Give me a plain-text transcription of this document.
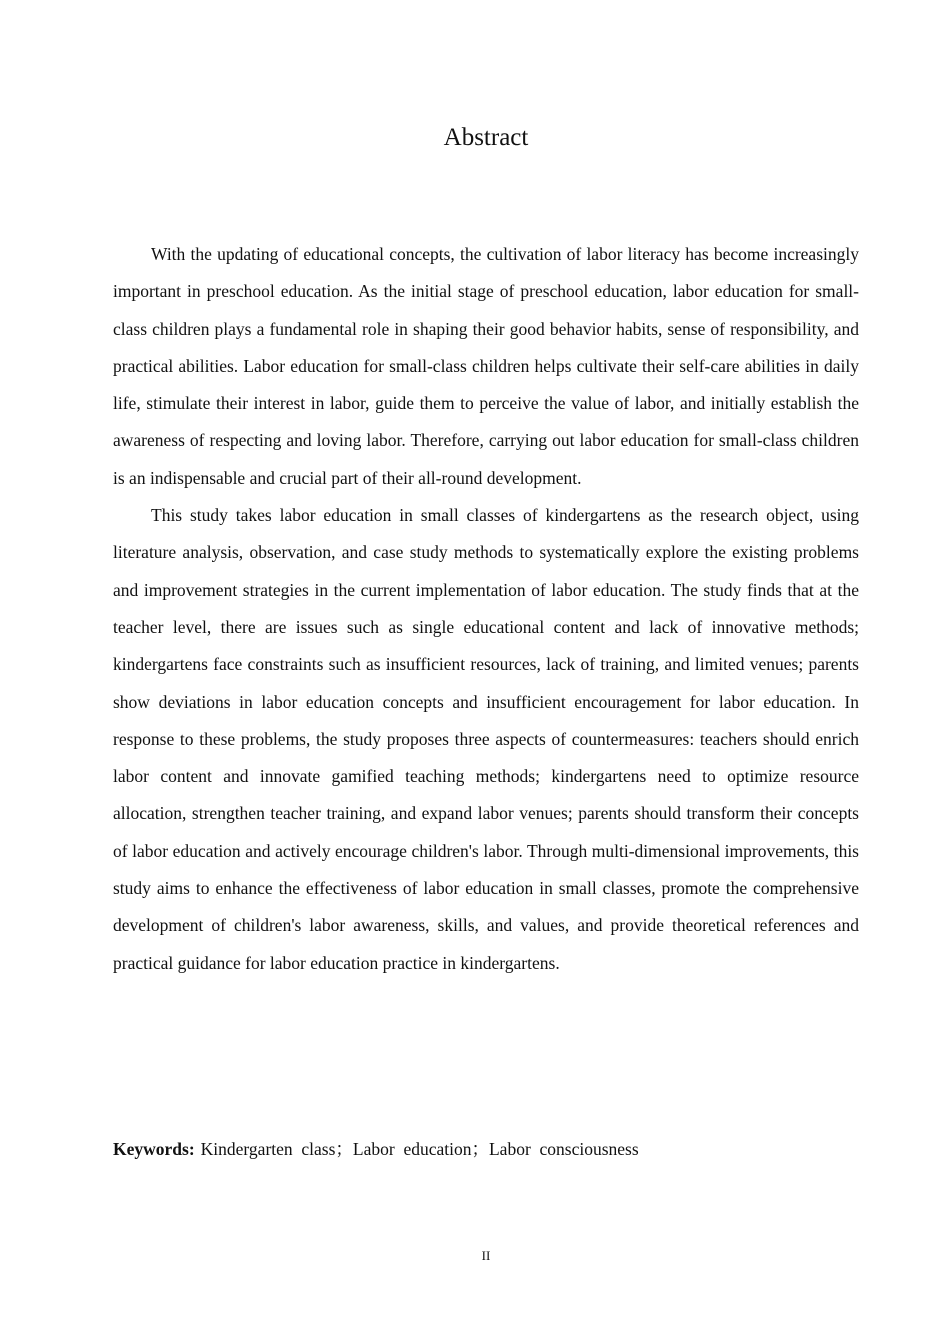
Abstract

With the updating of educational concepts, the cultivation of labor literacy has become increasingly important in preschool education. As the initial stage of preschool education, labor education for small-class children plays a fundamental role in shaping their good behavior habits, sense of responsibility, and practical abilities. Labor education for small-class children helps cultivate their self-care abilities in daily life, stimulate their interest in labor, guide them to perceive the value of labor, and initially establish the awareness of respecting and loving labor. Therefore, carrying out labor education for small-class children is an indispensable and crucial part of their all-round development.

This study takes labor education in small classes of kindergartens as the research object, using literature analysis, observation, and case study methods to systematically explore the existing problems and improvement strategies in the current implementation of labor education. The study finds that at the teacher level, there are issues such as single educational content and lack of innovative methods; kindergartens face constraints such as insufficient resources, lack of training, and limited venues; parents show deviations in labor education concepts and insufficient encouragement for labor education. In response to these problems, the study proposes three aspects of countermeasures: teachers should enrich labor content and innovate gamified teaching methods; kindergartens need to optimize resource allocation, strengthen teacher training, and expand labor venues; parents should transform their concepts of labor education and actively encourage children's labor. Through multi-dimensional improvements, this study aims to enhance the effectiveness of labor education in small classes, promote the comprehensive development of children's labor awareness, skills, and values, and provide theoretical references and practical guidance for labor education practice in kindergartens.

Keywords: Kindergarten  class；Labor  education；Labor  consciousness

II
